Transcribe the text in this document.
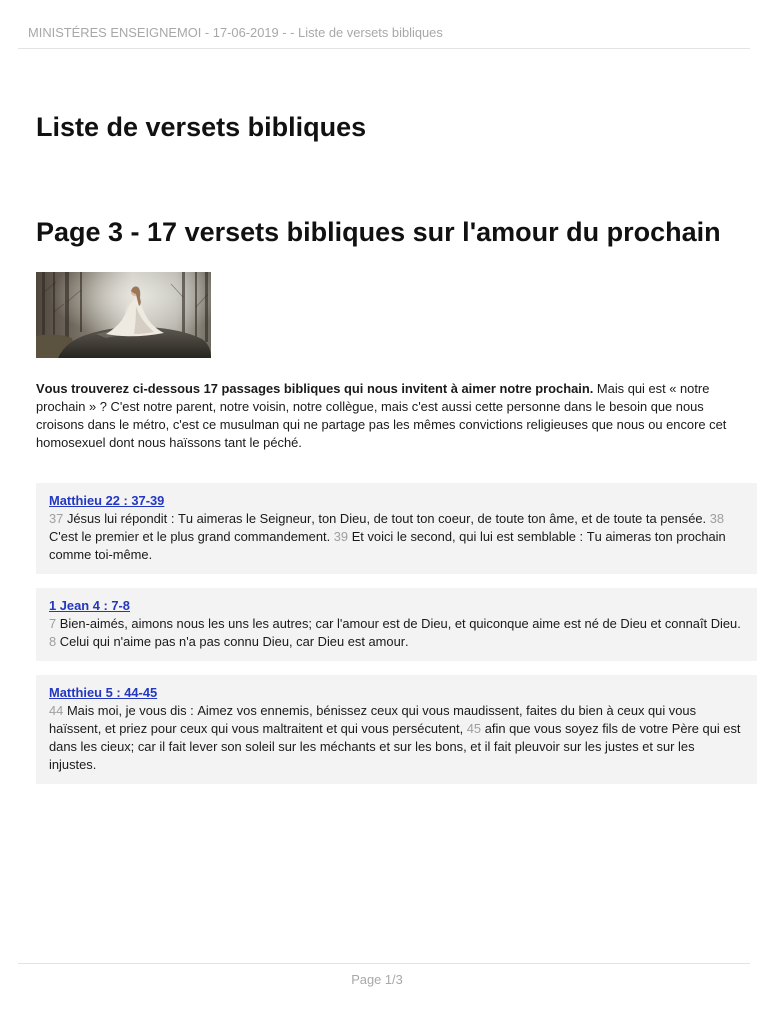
MINISTÉRES ENSEIGNEMOI - 17-06-2019 - - Liste de versets bibliques
Liste de versets bibliques
Page 3 - 17 versets bibliques sur l'amour du prochain

Vous trouverez ci-dessous 17 passages bibliques qui nous invitent à aimer notre prochain. Mais qui est « notre prochain » ? C'est notre parent, notre voisin, notre collègue, mais c'est aussi cette personne dans le besoin que nous croisons dans le métro, c'est ce musulman qui ne partage pas les mêmes convictions religieuses que nous ou encore cet homosexuel dont nous haïssons tant le péché.

Matthieu 22 : 37-39

37 Jésus lui répondit : Tu aimeras le Seigneur, ton Dieu, de tout ton coeur, de toute ton âme, et de toute ta pensée. 38 C'est le premier et le plus grand commandement. 39 Et voici le second, qui lui est semblable : Tu aimeras ton prochain comme toi-même.

1 Jean 4 : 7-8

7 Bien-aimés, aimons nous les uns les autres; car l'amour est de Dieu, et quiconque aime est né de Dieu et connaît Dieu. 8 Celui qui n'aime pas n'a pas connu Dieu, car Dieu est amour.

Matthieu 5 : 44-45

44 Mais moi, je vous dis : Aimez vos ennemis, bénissez ceux qui vous maudissent, faites du bien à ceux qui vous haïssent, et priez pour ceux qui vous maltraitent et qui vous persécutent, 45 afin que vous soyez fils de votre Père qui est dans les cieux; car il fait lever son soleil sur les méchants et sur les bons, et il fait pleuvoir sur les justes et sur les injustes.

Page 1/3
